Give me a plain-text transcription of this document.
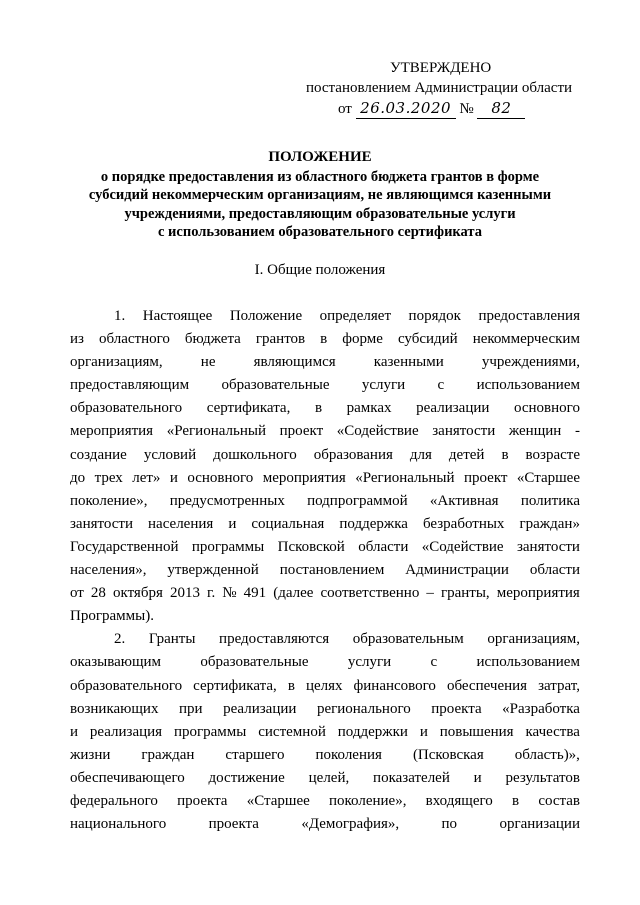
УТВЕРЖДЕНО
постановлением Администрации области
от 26.03.2020 № 82
ПОЛОЖЕНИЕ
о порядке предоставления из областного бюджета грантов в форме
субсидий некоммерческим организациям, не являющимся казенными
учреждениями, предоставляющим образовательные услуги
с использованием образовательного сертификата
I. Общие положения
1. Настоящее Положение определяет порядок предоставления
из областного бюджета грантов в форме субсидий некоммерческим
организациям,	не	являющимся	казенными	учреждениями,
предоставляющим образовательные услуги с использованием
образовательного сертификата, в рамках реализации основного
мероприятия «Региональный проект «Содействие занятости женщин -
создание условий дошкольного образования для детей в возрасте
до трех лет» и основного мероприятия «Региональный проект «Старшее
поколение», предусмотренных подпрограммой «Активная политика
занятости населения и социальная поддержка безработных граждан»
Государственной программы Псковской области «Содействие занятости
населения», утвержденной постановлением Администрации области
от 28 октября 2013 г. № 491 (далее соответственно – гранты, мероприятия
Программы).
2. Гранты предоставляются образовательным организациям,
оказывающим	образовательные	услуги	с	использованием
образовательного сертификата, в целях финансового обеспечения затрат,
возникающих при реализации регионального проекта «Разработка
и реализация программы системной поддержки и повышения качества
жизни граждан старшего поколения (Псковская область)»,
обеспечивающего достижение целей, показателей и результатов
федерального проекта «Старшее поколение», входящего в состав
национального	проекта	«Демография»,	по	организации
